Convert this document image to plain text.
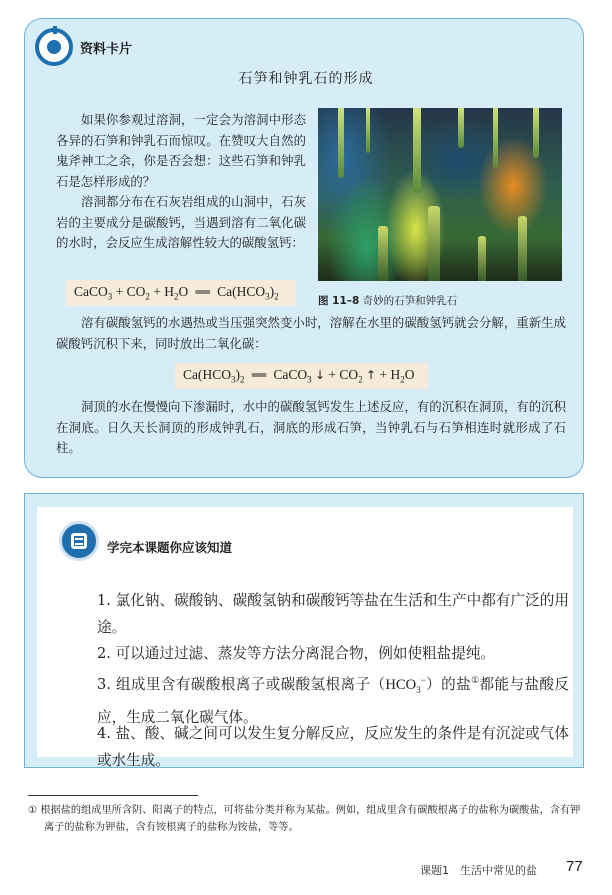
资料卡片
石笋和钟乳石的形成
如果你参观过溶洞，一定会为溶洞中形态各异的石笋和钟乳石而惊叹。在赞叹大自然的鬼斧神工之余，你是否会想：这些石笋和钟乳石是怎样形成的？
溶洞都分布在石灰岩组成的山洞中，石灰岩的主要成分是碳酸钙，当遇到溶有二氧化碳的水时，会反应生成溶解性较大的碳酸氢钙：
CaCO$_3$ + $CO_2 + H_2O$  ══  $Ca(HCO_3)_2$	图 11–8 奇妙的石笋和钟乳石
溶有碳酸氢钙的水遇热或当压强突然变小时，溶解在水里的碳酸氢钙就会分解，重新生成碳酸钙沉积下来，同时放出二氧化碳：
$Ca(HCO_3)_2$  ══  CaCO$_3$ ↓ + $CO_2$ ↑ + $H_2O$
洞顶的水在慢慢向下渗漏时，水中的碳酸氢钙发生上述反应，有的沉积在洞顶，有的沉积在洞底。日久天长洞顶的形成钟乳石，洞底的形成石笋，当钟乳石与石笋相连时就形成了石柱。
学完本课题你应该知道
1. 氯化钠、碳酸钠、碳酸氢钠和碳酸钙等盐在生活和生产中都有广泛的用途。
2. 可以通过过滤、蒸发等方法分离混合物，例如使粗盐提纯。
3. 组成里含有碳酸根离子或碳酸氢根离子$(HCO_3^-)$的盐①都能与盐酸反应，生成二氧化碳气体。
4. 盐、酸、碱之间可以发生复分解反应，反应发生的条件是有沉淀或气体或水生成。
① 根据盐的组成里所含阴、阳离子的特点，可将盐分类并称为某盐。例如，组成里含有碳酸根离子的盐称为碳酸盐，含有钾离子的盐称为钾盐，含有铵根离子的盐称为铵盐，等等。
课题1　生活中常见的盐 77
